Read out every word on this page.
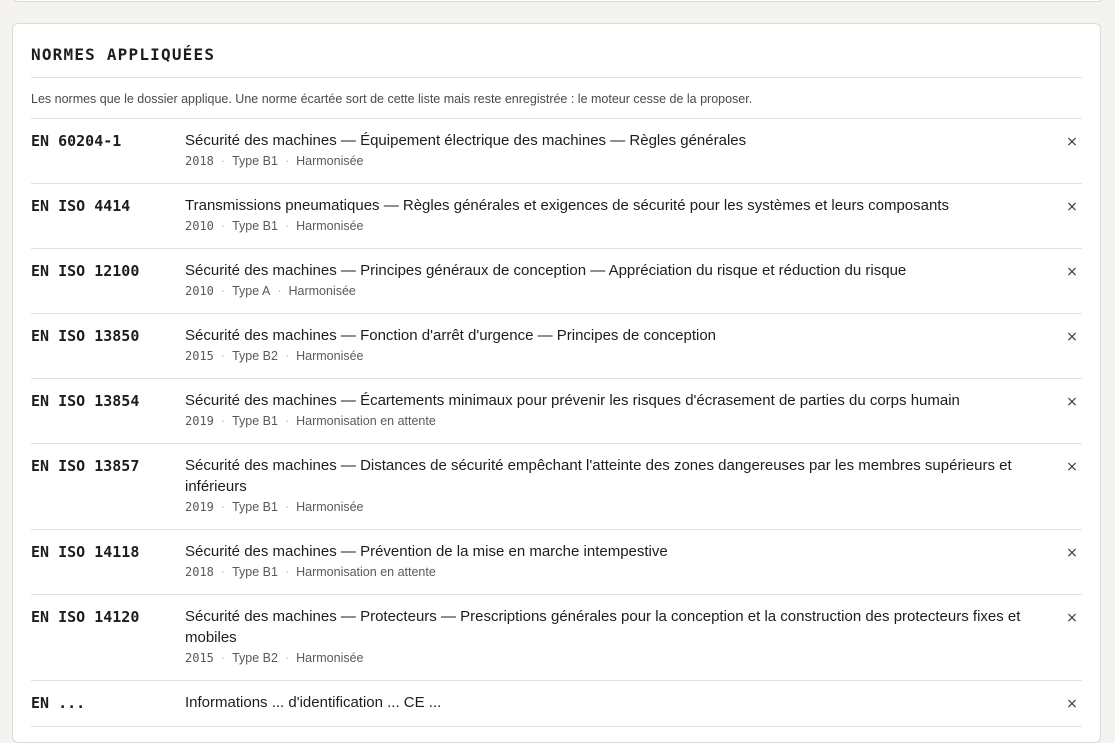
NORMES APPLIQUÉES

Les normes que le dossier applique. Une norme écartée sort de cette liste mais reste enregistrée : le moteur cesse de la proposer.

EN 60204-1	Sécurité des machines — Équipement électrique des machines — Règles générales
2018 · Type B1 · Harmonisée
×
EN ISO 4414	Transmissions pneumatiques — Règles générales et exigences de sécurité pour les systèmes et leurs composants
2010 · Type B1 · Harmonisée
×
EN ISO 12100	Sécurité des machines — Principes généraux de conception — Appréciation du risque et réduction du risque
2010 · Type A · Harmonisée
×
EN ISO 13850	Sécurité des machines — Fonction d'arrêt d'urgence — Principes de conception
2015 · Type B2 · Harmonisée
×
EN ISO 13854	Sécurité des machines — Écartements minimaux pour prévenir les risques d'écrasement de parties du corps humain
2019 · Type B1 · Harmonisation en attente
×
EN ISO 13857	Sécurité des machines — Distances de sécurité empêchant l'atteinte des zones dangereuses par les membres supérieurs et inférieurs
2019 · Type B1 · Harmonisée
×
EN ISO 14118	Sécurité des machines — Prévention de la mise en marche intempestive
2018 · Type B1 · Harmonisation en attente
×
EN ISO 14120	Sécurité des machines — Protecteurs — Prescriptions générales pour la conception et la construction des protecteurs fixes et mobiles
2015 · Type B2 · Harmonisée
×
EN ...	Informations ... d'identification ... CE ...	×
